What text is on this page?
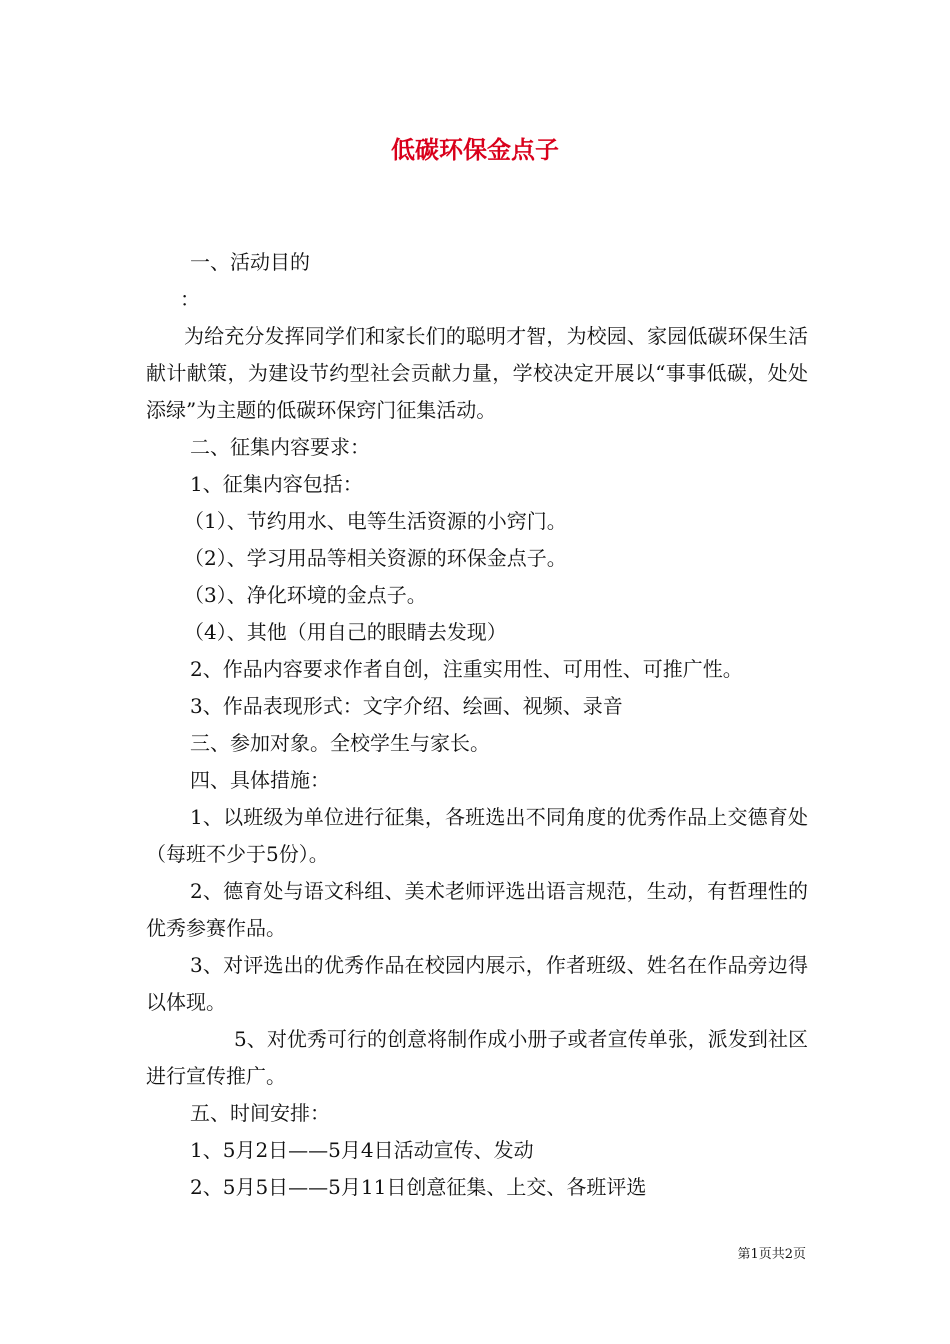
低碳环保金点子
一、活动目的
：
为给充分发挥同学们和家长们的聪明才智，为校园、家园低碳环保生活献计献策，为建设节约型社会贡献力量，学校决定开展以“事事低碳，处处添绿”为主题的低碳环保窍门征集活动。
二、征集内容要求：
1、征集内容包括：
（1）、节约用水、电等生活资源的小窍门。
（2）、学习用品等相关资源的环保金点子。
（3）、净化环境的金点子。
（4）、其他（用自己的眼睛去发现）
2、作品内容要求作者自创，注重实用性、可用性、可推广性。
3、作品表现形式：文字介绍、绘画、视频、录音
三、参加对象。全校学生与家长。
四、具体措施：
1、以班级为单位进行征集，各班选出不同角度的优秀作品上交德育处（每班不少于5份）。
2、德育处与语文科组、美术老师评选出语言规范，生动，有哲理性的优秀参赛作品。
3、对评选出的优秀作品在校园内展示，作者班级、姓名在作品旁边得以体现。
5、对优秀可行的创意将制作成小册子或者宣传单张，派发到社区进行宣传推广。
五、时间安排：
1、5月2日——5月4日活动宣传、发动
2、5月5日——5月11日创意征集、上交、各班评选
第1页共2页
